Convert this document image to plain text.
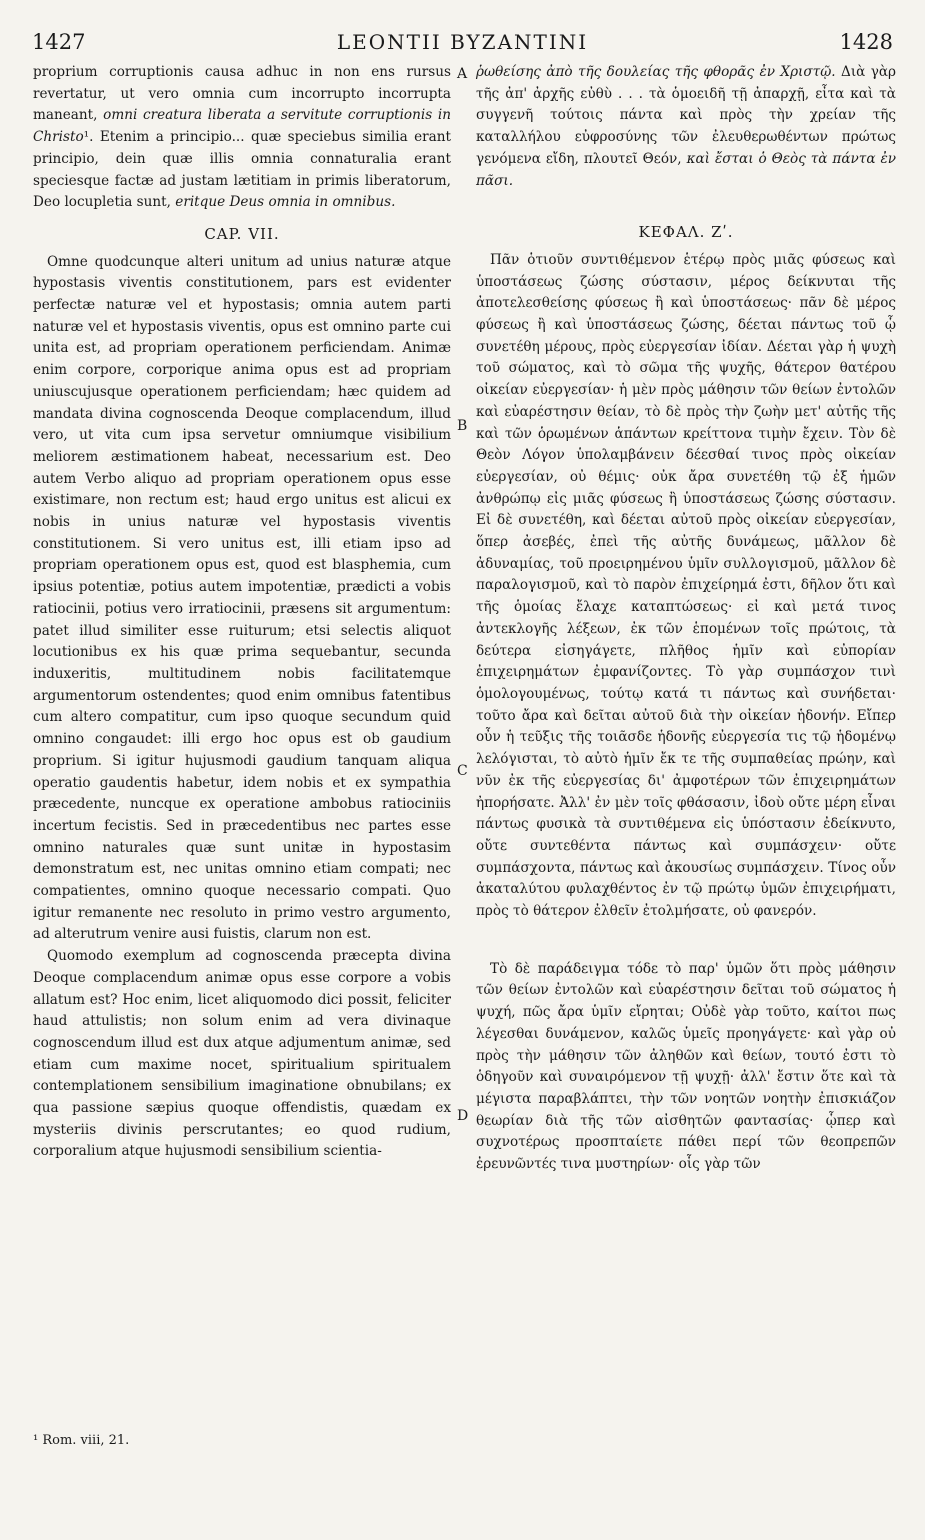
1427	LEONTII BYZANTINI	1428

proprium corruptionis causa adhuc in non ens rursus revertatur, ut vero omnia cum incorrupto incorrupta maneant, omni creatura liberata a servitute corruptionis in Christo¹. Etenim a principio... quæ speciebus similia erant principio, dein quæ illis omnia connaturalia erant speciesque factæ ad justam lætitiam in primis liberatorum, Deo locupletia sunt, eritque Deus omnia in omnibus.

CAP. VII.

Omne quodcunque alteri unitum ad unius naturæ atque hypostasis viventis constitutionem, pars est evidenter perfectæ naturæ vel et hypostasis; omnia autem parti naturæ vel et hypostasis viventis, opus est omnino parte cui unita est, ad propriam operationem perficiendam. Animæ enim corpore, corporique anima opus est ad propriam uniuscujusque operationem perficiendam; hæc quidem ad mandata divina cognoscenda Deoque complacendum, illud vero, ut vita cum ipsa servetur omniumque visibilium meliorem æstimationem habeat, necessarium est. Deo autem Verbo aliquo ad propriam operationem opus esse existimare, non rectum est; haud ergo unitus est alicui ex nobis in unius naturæ vel hypostasis viventis constitutionem. Si vero unitus est, illi etiam ipso ad propriam operationem opus est, quod est blasphemia, cum ipsius potentiæ, potius autem impotentiæ, prædicti a vobis ratiocinii, potius vero irratiocinii, præsens sit argumentum: patet illud similiter esse ruiturum; etsi selectis aliquot locutionibus ex his quæ prima sequebantur, secunda induxeritis, multitudinem nobis facilitatemque argumentorum ostendentes; quod enim omnibus fatentibus cum altero compatitur, cum ipso quoque secundum quid omnino congaudet: illi ergo hoc opus est ob gaudium proprium. Si igitur hujusmodi gaudium tanquam aliqua operatio gaudentis habetur, idem nobis et ex sympathia præcedente, nuncque ex operatione ambobus ratiociniis incertum fecistis. Sed in præcedentibus nec partes esse omnino naturales quæ sunt unitæ in hypostasim demonstratum est, nec unitas omnino etiam compati; nec compatientes, omnino quoque necessario compati. Quo igitur remanente nec resoluto in primo vestro argumento, ad alterutrum venire ausi fuistis, clarum non est.

Quomodo exemplum ad cognoscenda præcepta divina Deoque complacendum animæ opus esse corpore a vobis allatum est? Hoc enim, licet aliquomodo dici possit, feliciter haud attulistis; non solum enim ad vera divinaque cognoscendum illud est dux atque adjumentum animæ, sed etiam cum maxime nocet, spiritualium spiritualem contemplationem sensibilium imaginatione obnubilans; ex qua passione sæpius quoque offendistis, quædam ex mysteriis divinis perscrutantes; eo quod rudium, corporalium atque hujusmodi sensibilium scientia-

A
B
C
D

ῥωθείσης ἀπὸ τῆς δουλείας τῆς φθορᾶς ἐν Χριστῷ. Διὰ γὰρ τῆς ἀπ' ἀρχῆς εὐθὺ . . . τὰ ὁμοειδῆ τῇ ἀπαρχῇ, εἶτα καὶ τὰ συγγενῆ τούτοις πάντα καὶ πρὸς τὴν χρείαν τῆς καταλλήλου εὐφροσύνης τῶν ἐλευθερωθέντων πρώτως γενόμενα εἴδη, πλουτεῖ Θεόν, καὶ ἔσται ὁ Θεὸς τὰ πάντα ἐν πᾶσι.

ΚΕΦΑΛ. Ζʹ.

Πᾶν ὁτιοῦν συντιθέμενον ἑτέρῳ πρὸς μιᾶς φύσεως καὶ ὑποστάσεως ζώσης σύστασιν, μέρος δείκνυται τῆς ἀποτελεσθείσης φύσεως ἢ καὶ ὑποστάσεως· πᾶν δὲ μέρος φύσεως ἢ καὶ ὑποστάσεως ζώσης, δέεται πάντως τοῦ ᾧ συνετέθη μέρους, πρὸς εὐεργεσίαν ἰδίαν. Δέεται γὰρ ἡ ψυχὴ τοῦ σώματος, καὶ τὸ σῶμα τῆς ψυχῆς, θάτερον θατέρου οἰκείαν εὐεργεσίαν· ἡ μὲν πρὸς μάθησιν τῶν θείων ἐντολῶν καὶ εὐαρέστησιν θείαν, τὸ δὲ πρὸς τὴν ζωὴν μετ' αὐτῆς τῆς καὶ τῶν ὁρωμένων ἁπάντων κρείττονα τιμὴν ἔχειν. Τὸν δὲ Θεὸν Λόγον ὑπολαμβάνειν δέεσθαί τινος πρὸς οἰκείαν εὐεργεσίαν, οὐ θέμις· οὐκ ἄρα συνετέθη τῷ ἐξ ἡμῶν ἀνθρώπῳ εἰς μιᾶς φύσεως ἢ ὑποστάσεως ζώσης σύστασιν. Εἰ δὲ συνετέθη, καὶ δέεται αὐτοῦ πρὸς οἰκείαν εὐεργεσίαν, ὅπερ ἀσεβές, ἐπεὶ τῆς αὐτῆς δυνάμεως, μᾶλλον δὲ ἀδυναμίας, τοῦ προειρημένου ὑμῖν συλλογισμοῦ, μᾶλλον δὲ παραλογισμοῦ, καὶ τὸ παρὸν ἐπιχείρημά ἐστι, δῆλον ὅτι καὶ τῆς ὁμοίας ἔλαχε καταπτώσεως· εἰ καὶ μετά τινος ἀντεκλογῆς λέξεων, ἐκ τῶν ἑπομένων τοῖς πρώτοις, τὰ δεύτερα εἰσηγάγετε, πλῆθος ἡμῖν καὶ εὐπορίαν ἐπιχειρημάτων ἐμφανίζοντες. Τὸ γὰρ συμπάσχον τινὶ ὁμολογουμένως, τούτῳ κατά τι πάντως καὶ συνήδεται· τοῦτο ἄρα καὶ δεῖται αὐτοῦ διὰ τὴν οἰκείαν ἡδονήν. Εἴπερ οὖν ἡ τεῦξις τῆς τοιᾶσδε ἡδονῆς εὐεργεσία τις τῷ ἡδομένῳ λελόγισται, τὸ αὐτὸ ἡμῖν ἔκ τε τῆς συμπαθείας πρώην, καὶ νῦν ἐκ τῆς εὐεργεσίας δι' ἀμφοτέρων τῶν ἐπιχειρημάτων ἠπορήσατε. Ἀλλ' ἐν μὲν τοῖς φθάσασιν, ἰδοὺ οὔτε μέρη εἶναι πάντως φυσικὰ τὰ συντιθέμενα εἰς ὑπόστασιν ἐδείκνυτο, οὔτε συντεθέντα πάντως καὶ συμπάσχειν· οὔτε συμπάσχοντα, πάντως καὶ ἀκουσίως συμπάσχειν. Τίνος οὖν ἀκαταλύτου φυλαχθέντος ἐν τῷ πρώτῳ ὑμῶν ἐπιχειρήματι, πρὸς τὸ θάτερον ἐλθεῖν ἐτολμήσατε, οὐ φανερόν.

Τὸ δὲ παράδειγμα τόδε τὸ παρ' ὑμῶν ὅτι πρὸς μάθησιν τῶν θείων ἐντολῶν καὶ εὐαρέστησιν δεῖται τοῦ σώματος ἡ ψυχή, πῶς ἄρα ὑμῖν εἴρηται; Οὐδὲ γὰρ τοῦτο, καίτοι πως λέγεσθαι δυνάμενον, καλῶς ὑμεῖς προηγάγετε· καὶ γὰρ οὐ πρὸς τὴν μάθησιν τῶν ἀληθῶν καὶ θείων, τουτό ἐστι τὸ ὁδηγοῦν καὶ συναιρόμενον τῇ ψυχῇ· ἀλλ' ἔστιν ὅτε καὶ τὰ μέγιστα παραβλάπτει, τὴν τῶν νοητῶν νοητὴν ἐπισκιάζον θεωρίαν διὰ τῆς τῶν αἰσθητῶν φαντασίας· ᾧπερ καὶ συχνοτέρως προσπταίετε πάθει περί τῶν θεοπρεπῶν ἐρευνῶντές τινα μυστηρίων· οἷς γὰρ τῶν

¹ Rom. viii, 21.
